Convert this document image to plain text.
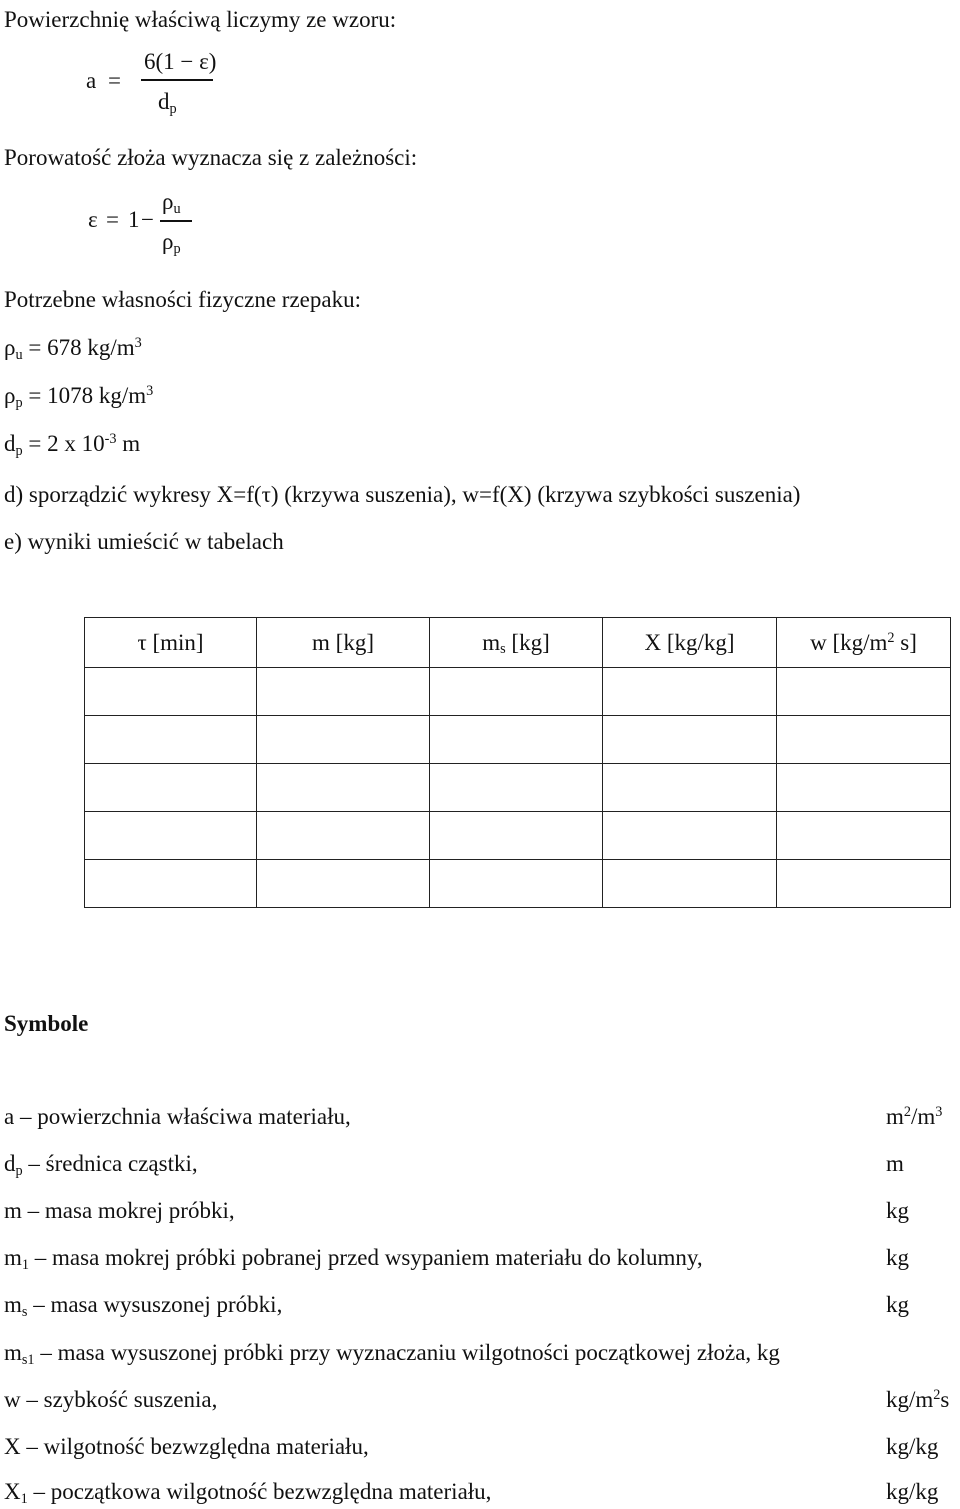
Powierzchnię właściwą liczymy ze wzoru:
a =
6(1 − ε)
$d_p$
Porowatość złoża wyznacza się z zależności:
ε = 1 −
$\rho_u$
$\rho_p$
Potrzebne własności fizyczne rzepaku:
$\rho_u = 678$ $kg/m^3$
$\rho_p = 1078$ $kg/m^3$
$d_p = 2$ x $10^{-3}$ m
d) sporządzić wykresy X=f(τ) (krzywa suszenia), w=f(X) (krzywa szybkości suszenia)
e) wyniki umieścić w tabelach
τ [min]	m [kg]	$m_s$ [kg]	X [kg/kg]	w [$kg/m^2$ s]

Symbole
a – powierzchnia właściwa materiału,	$m^2/m^3$
$d_p$ – średnica cząstki,	m
m – masa mokrej próbki,	kg
$m_1$ – masa mokrej próbki pobranej przed wsypaniem materiału do kolumny,	kg
$m_s$ – masa wysuszonej próbki,	kg
$m_{s1}$ – masa wysuszonej próbki przy wyznaczaniu wilgotności początkowej złoża, kg
w – szybkość suszenia,	$kg/m^2s$
X – wilgotność bezwzględna materiału,	kg/kg
$X_1$ – początkowa wilgotność bezwzględna materiału,	kg/kg
